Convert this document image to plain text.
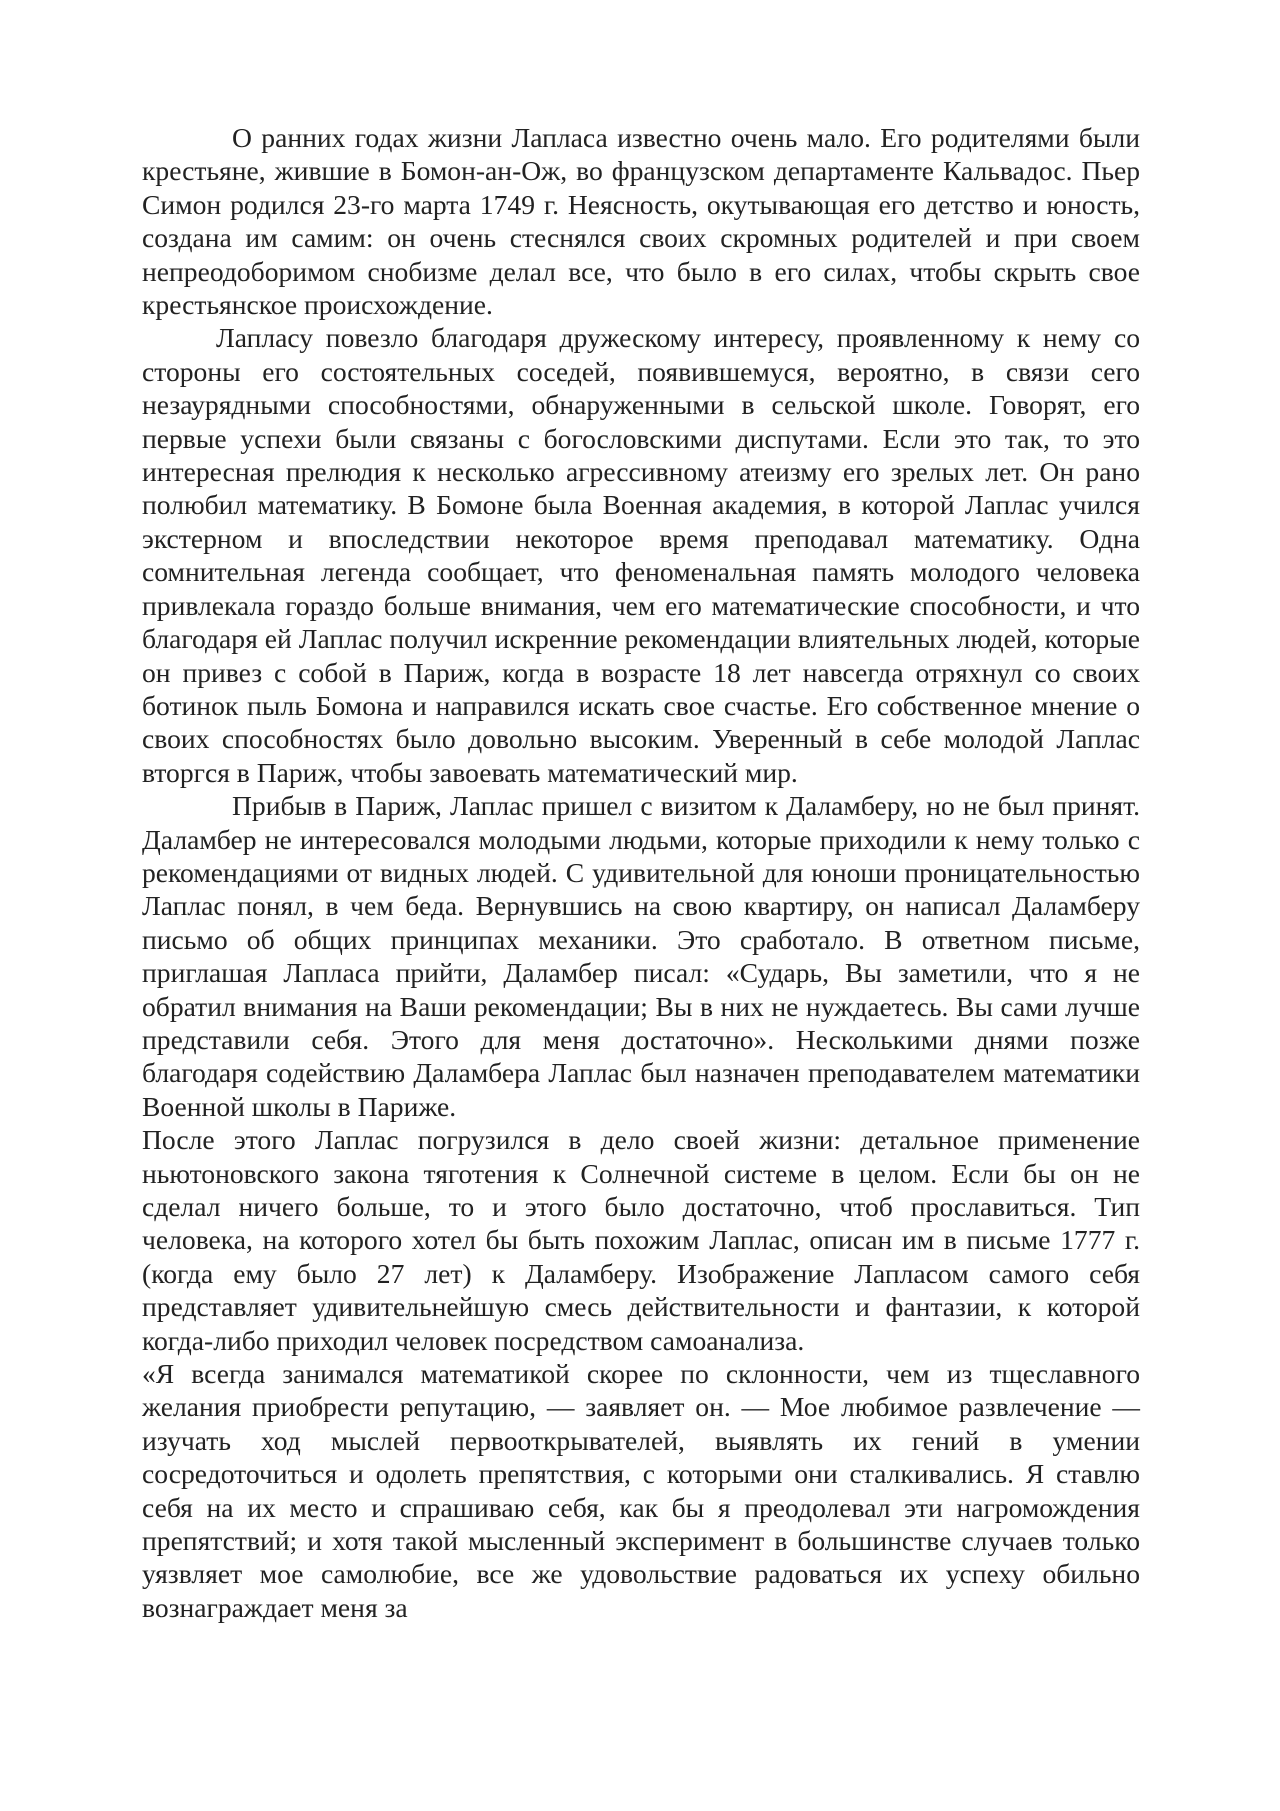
О ранних годах жизни Лапласа известно очень мало. Его родителями были крестьяне, жившие в Бомон-ан-Ож, во французском департаменте Кальвадос. Пьер Симон родился 23-го марта 1749 г. Неясность, окутывающая его детство и юность, создана им самим: он очень стеснялся своих скромных родителей и при своем непреодоборимом снобизме делал все, что было в его силах, чтобы скрыть свое крестьянское происхождение.

Лапласу повезло благодаря дружескому интересу, проявленному к нему со стороны его состоятельных соседей, появившемуся, вероятно, в связи сего незаурядными способностями, обнаруженными в сельской школе. Говорят, его первые успехи были связаны с богословскими диспутами. Если это так, то это интересная прелюдия к несколько агрессивному атеизму его зрелых лет. Он рано полюбил математику. В Бомоне была Военная академия, в которой Лаплас учился экстерном и впоследствии некоторое время преподавал математику. Одна сомнительная легенда сообщает, что феноменальная память молодого человека привлекала гораздо больше внимания, чем его математические способности, и что благодаря ей Лаплас получил искренние рекомендации влиятельных людей, которые он привез с собой в Париж, когда в возрасте 18 лет навсегда отряхнул со своих ботинок пыль Бомона и направился искать свое счастье. Его собственное мнение о своих способностях было довольно высоким. Уверенный в себе молодой Лаплас вторгся в Париж, чтобы завоевать математический мир.

Прибыв в Париж, Лаплас пришел с визитом к Даламберу, но не был принят. Даламбер не интересовался молодыми людьми, которые приходили к нему только с рекомендациями от видных людей. С удивительной для юноши проницательностью Лаплас понял, в чем беда. Вернувшись на свою квартиру, он написал Даламберу письмо об общих принципах механики. Это сработало. В ответном письме, приглашая Лапласа прийти, Даламбер писал: «Сударь, Вы заметили, что я не обратил внимания на Ваши рекомендации; Вы в них не нуждаетесь. Вы сами лучше представили себя. Этого для меня достаточно». Несколькими днями позже благодаря содействию Даламбера Лаплас был назначен преподавателем математики Военной школы в Париже.

После этого Лаплас погрузился в дело своей жизни: детальное применение ньютоновского закона тяготения к Солнечной системе в целом. Если бы он не сделал ничего больше, то и этого было достаточно, чтоб прославиться. Тип человека, на которого хотел бы быть похожим Лаплас, описан им в письме 1777 г. (когда ему было 27 лет) к Даламберу. Изображение Лапласом самого себя представляет удивительнейшую смесь действительности и фантазии, к которой когда-либо приходил человек посредством самоанализа.

«Я всегда занимался математикой скорее по склонности, чем из тщеславного желания приобрести репутацию, — заявляет он. — Мое любимое развлечение — изучать ход мыслей первооткрывателей, выявлять их гений в умении сосредоточиться и одолеть препятствия, с которыми они сталкивались. Я ставлю себя на их место и спрашиваю себя, как бы я преодолевал эти нагромождения препятствий; и хотя такой мысленный эксперимент в большинстве случаев только уязвляет мое самолюбие, все же удовольствие радоваться их успеху обильно вознаграждает меня за
